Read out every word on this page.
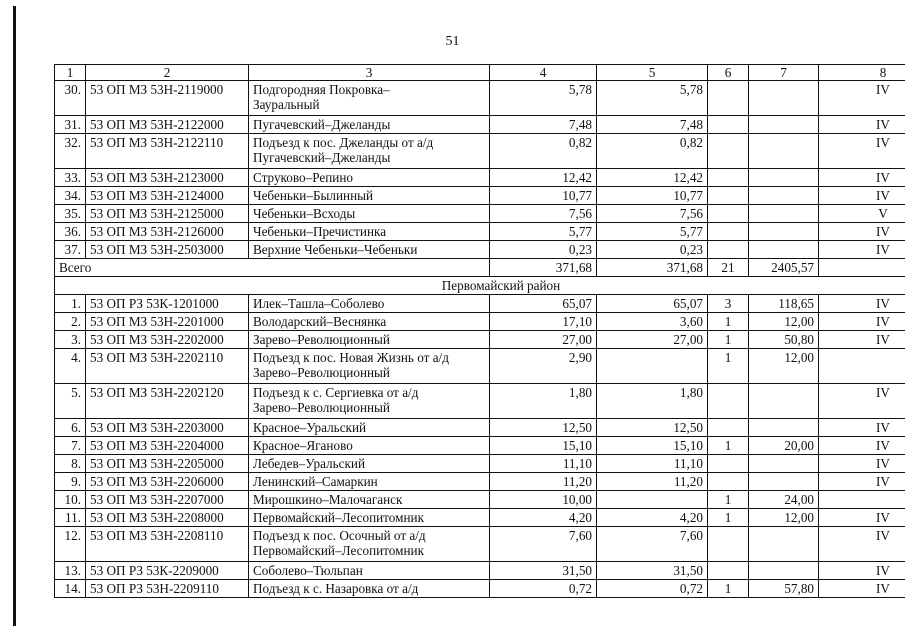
51
1	2	3	4	5	6	7	8
30.	53 ОП МЗ 53Н-2119000	Подгородняя Покровка–
Зауральный	5,78	5,78			IV
31.	53 ОП МЗ 53Н-2122000	Пугачевский–Джеланды	7,48	7,48			IV
32.	53 ОП МЗ 53Н-2122110	Подъезд к пос. Джеланды от а/д
Пугачевский–Джеланды	0,82	0,82			IV
33.	53 ОП МЗ 53Н-2123000	Струково–Репино	12,42	12,42			IV
34.	53 ОП МЗ 53Н-2124000	Чебеньки–Былинный	10,77	10,77			IV
35.	53 ОП МЗ 53Н-2125000	Чебеньки–Всходы	7,56	7,56			V
36.	53 ОП МЗ 53Н-2126000	Чебеньки–Пречистинка	5,77	5,77			IV
37.	53 ОП МЗ 53Н-2503000	Верхние Чебеньки–Чебеньки	0,23	0,23			IV
Всего			371,68	371,68	21	2405,57	
Первомайский район							
1.	53 ОП РЗ 53К-1201000	Илек–Ташла–Соболево	65,07	65,07	3	118,65	IV
2.	53 ОП МЗ 53Н-2201000	Володарский–Веснянка	17,10	3,60	1	12,00	IV
3.	53 ОП МЗ 53Н-2202000	Зарево–Революционный	27,00	27,00	1	50,80	IV
4.	53 ОП МЗ 53Н-2202110	Подъезд к пос. Новая Жизнь от а/д
Зарево–Революционный	2,90		1	12,00	
5.	53 ОП МЗ 53Н-2202120	Подъезд к с. Сергиевка от а/д
Зарево–Революционный	1,80	1,80			IV
6.	53 ОП МЗ 53Н-2203000	Красное–Уральский	12,50	12,50			IV
7.	53 ОП МЗ 53Н-2204000	Красное–Ягановo	15,10	15,10	1	20,00	IV
8.	53 ОП МЗ 53Н-2205000	Лебедев–Уральский	11,10	11,10			IV
9.	53 ОП МЗ 53Н-2206000	Ленинский–Самаркин	11,20	11,20			IV
10.	53 ОП МЗ 53Н-2207000	Мирошкино–Малочаганск	10,00		1	24,00	
11.	53 ОП МЗ 53Н-2208000	Первомайский–Лесопитомник	4,20	4,20	1	12,00	IV
12.	53 ОП МЗ 53Н-2208110	Подъезд к пос. Осочный от а/д
Первомайский–Лесопитомник	7,60	7,60			IV
13.	53 ОП РЗ 53К-2209000	Соболево–Тюльпан	31,50	31,50			IV
14.	53 ОП РЗ 53Н-2209110	Подъезд к с. Назаровка от а/д	0,72	0,72	1	57,80	IV
